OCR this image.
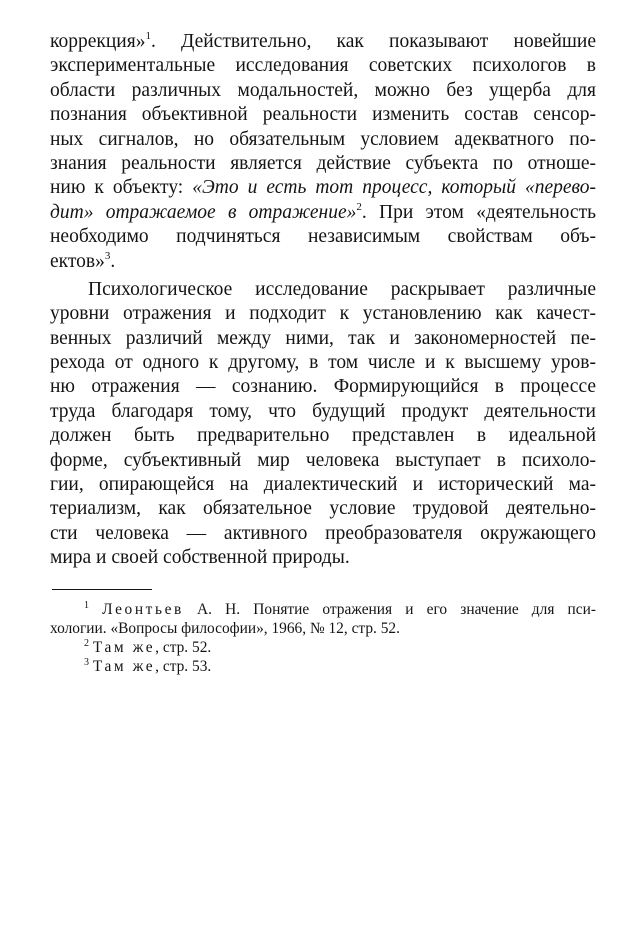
коррекция»$^1$. Действительно, как показывают новейшие
экспериментальные исследования советских психологов в
области различных модальностей, можно без ущерба для
познания объективной реальности изменить состав сенсор-
ных сигналов, но обязательным условием адекватного по-
знания реальности является действие субъекта по отноше-
нию к объекту: «Это и есть тот процесс, который «перево-
дит» отражаемое в отражение»$^2$. При этом «деятельность
необходимо подчиняться независимым свойствам объ-
ектов»$^3$.
Психологическое исследование раскрывает различные
уровни отражения и подходит к установлению как качест-
венных различий между ними, так и закономерностей пе-
рехода от одного к другому, в том числе и к высшему уров-
ню отражения — сознанию. Формирующийся в процессе
труда благодаря тому, что будущий продукт деятельности
должен быть предварительно представлен в идеальной
форме, субъективный мир человека выступает в психоло-
гии, опирающейся на диалектический и исторический ма-
териализм, как обязательное условие трудовой деятельно-
сти человека — активного преобразователя окружающего
мира и своей собственной природы.
$^1$ Леонтьев А. Н. Понятие отражения и его значение для пси-
хологии. «Вопросы философии», 1966, № 12, стр. 52.
$^2$ Там же, стр. 52.
$^3$ Там же, стр. 53.
